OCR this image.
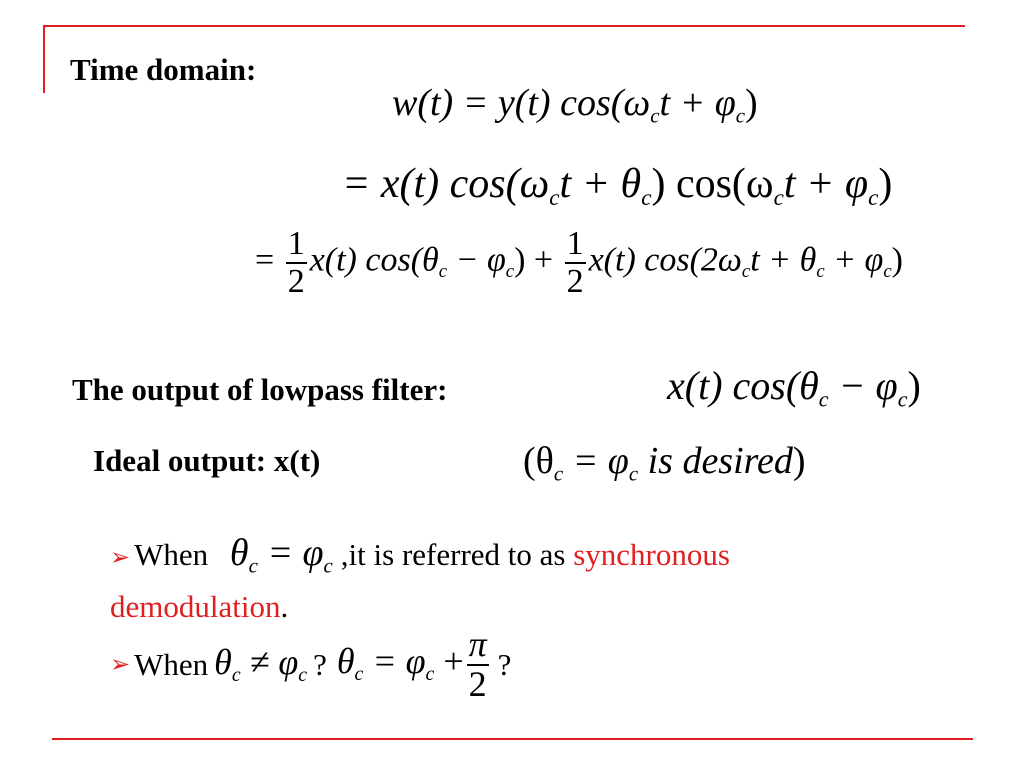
Time domain:
w(t) = y(t) $\cos(\omega_ct + \varphi_c)$
= x(t) $\cos(\omega_ct + \theta_c) \cos(\omega_ct + \varphi_c)$
= $\frac{1}{2} x(t) \cos(\theta_c - \varphi_c) + \frac{1}{2} x(t) \cos(2\omega_ct + \theta_c + \varphi_c)$
The output of lowpass filter:	x(t) $\cos(\theta_c - \varphi_c)$
Ideal output: x(t)	($\theta_c = \varphi_c$ is desired)
➢ When $\theta_c = \varphi_c$ ,it is referred to as synchronous
demodulation.
➢ When $\theta_c \ne \varphi_c$ ? $\theta_c = \varphi_c + \frac{\pi}{2}$ ?
